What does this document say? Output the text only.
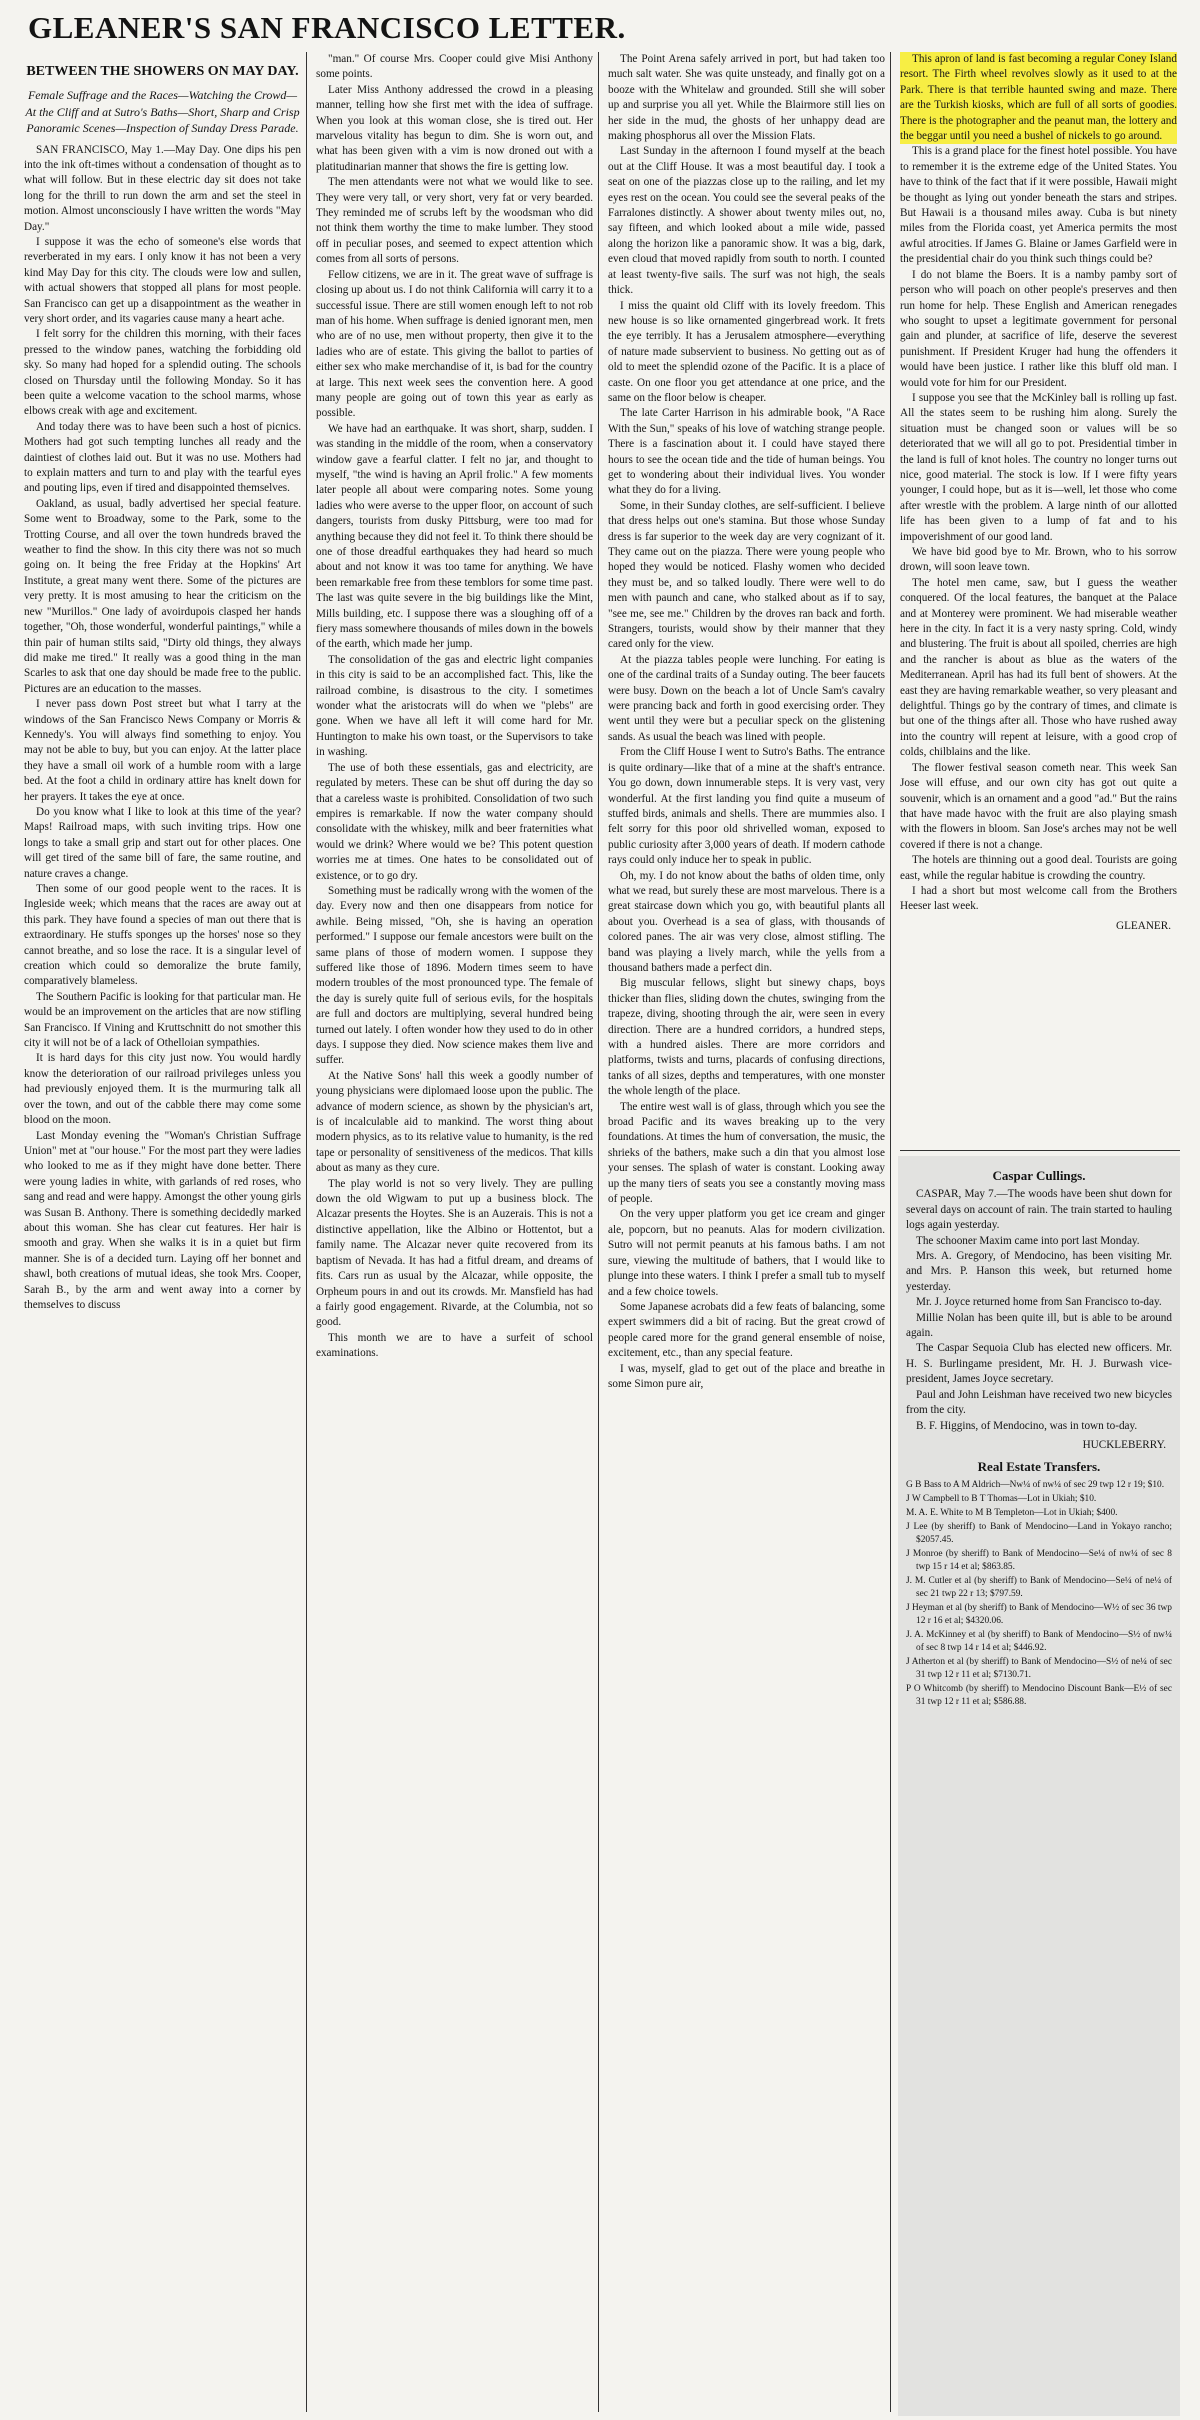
GLEANER'S SAN FRANCISCO LETTER.
BETWEEN THE SHOWERS ON MAY DAY.
Female Suffrage and the Races—Watching the Crowd—At the Cliff and at Sutro's Baths—Short, Sharp and Crisp Panoramic Scenes—Inspection of Sunday Dress Parade.

SAN FRANCISCO, May 1.—May Day. One dips his pen into the ink oft-times without a condensation of thought as to what will follow. But in these electric day sit does not take long for the thrill to run down the arm and set the steel in motion. Almost unconsciously I have written the words "May Day."

I suppose it was the echo of someone's else words that reverberated in my ears. I only know it has not been a very kind May Day for this city. The clouds were low and sullen, with actual showers that stopped all plans for most people. San Francisco can get up a disappointment as the weather in very short order, and its vagaries cause many a heart ache.

I felt sorry for the children this morning, with their faces pressed to the window panes, watching the forbidding old sky. So many had hoped for a splendid outing. The schools closed on Thursday until the following Monday. So it has been quite a welcome vacation to the school marms, whose elbows creak with age and excitement.

And today there was to have been such a host of picnics. Mothers had got such tempting lunches all ready and the daintiest of clothes laid out. But it was no use. Mothers had to explain matters and turn to and play with the tearful eyes and pouting lips, even if tired and disappointed themselves.

Oakland, as usual, badly advertised her special feature. Some went to Broadway, some to the Park, some to the Trotting Course, and all over the town hundreds braved the weather to find the show. In this city there was not so much going on. It being the free Friday at the Hopkins' Art Institute, a great many went there. Some of the pictures are very pretty. It is most amusing to hear the criticism on the new "Murillos." One lady of avoirdupois clasped her hands together, "Oh, those wonderful, wonderful paintings," while a thin pair of human stilts said, "Dirty old things, they always did make me tired." It really was a good thing in the man Scarles to ask that one day should be made free to the public. Pictures are an education to the masses.

I never pass down Post street but what I tarry at the windows of the San Francisco News Company or Morris & Kennedy's. You will always find something to enjoy. You may not be able to buy, but you can enjoy. At the latter place they have a small oil work of a humble room with a large bed. At the foot a child in ordinary attire has knelt down for her prayers. It takes the eye at once.

Do you know what I like to look at this time of the year? Maps! Railroad maps, with such inviting trips. How one longs to take a small grip and start out for other places. One will get tired of the same bill of fare, the same routine, and nature craves a change.

Then some of our good people went to the races. It is Ingleside week; which means that the races are away out at this park. They have found a species of man out there that is extraordinary. He stuffs sponges up the horses' nose so they cannot breathe, and so lose the race. It is a singular level of creation which could so demoralize the brute family, comparatively blameless.

The Southern Pacific is looking for that particular man. He would be an improvement on the articles that are now stifling San Francisco. If Vining and Kruttschnitt do not smother this city it will not be of a lack of Othelloian sympathies.

It is hard days for this city just now. You would hardly know the deterioration of our railroad privileges unless you had previously enjoyed them. It is the murmuring talk all over the town, and out of the cabble there may come some blood on the moon.

Last Monday evening the "Woman's Christian Suffrage Union" met at "our house." For the most part they were ladies who looked to me as if they might have done better. There were young ladies in white, with garlands of red roses, who sang and read and were happy. Amongst the other young girls was Susan B. Anthony. There is something decidedly marked about this woman. She has clear cut features. Her hair is smooth and gray. When she walks it is in a quiet but firm manner. She is of a decided turn. Laying off her bonnet and shawl, both creations of mutual ideas, she took Mrs. Cooper, Sarah B., by the arm and went away into a corner by themselves to discuss

"man." Of course Mrs. Cooper could give Misi Anthony some points.

Later Miss Anthony addressed the crowd in a pleasing manner, telling how she first met with the idea of suffrage. When you look at this woman close, she is tired out. Her marvelous vitality has begun to dim. She is worn out, and what has been given with a vim is now droned out with a platitudinarian manner that shows the fire is getting low.

The men attendants were not what we would like to see. They were very tall, or very short, very fat or very bearded. They reminded me of scrubs left by the woodsman who did not think them worthy the time to make lumber. They stood off in peculiar poses, and seemed to expect attention which comes from all sorts of persons.

Fellow citizens, we are in it. The great wave of suffrage is closing up about us. I do not think California will carry it to a successful issue. There are still women enough left to not rob man of his home. When suffrage is denied ignorant men, men who are of no use, men without property, then give it to the ladies who are of estate. This giving the ballot to parties of either sex who make merchandise of it, is bad for the country at large. This next week sees the convention here. A good many people are going out of town this year as early as possible.

We have had an earthquake. It was short, sharp, sudden. I was standing in the middle of the room, when a conservatory window gave a fearful clatter. I felt no jar, and thought to myself, "the wind is having an April frolic." A few moments later people all about were comparing notes. Some young ladies who were averse to the upper floor, on account of such dangers, tourists from dusky Pittsburg, were too mad for anything because they did not feel it. To think there should be one of those dreadful earthquakes they had heard so much about and not know it was too tame for anything. We have been remarkable free from these temblors for some time past. The last was quite severe in the big buildings like the Mint, Mills building, etc. I suppose there was a sloughing off of a fiery mass somewhere thousands of miles down in the bowels of the earth, which made her jump.

The consolidation of the gas and electric light companies in this city is said to be an accomplished fact. This, like the railroad combine, is disastrous to the city. I sometimes wonder what the aristocrats will do when we "plebs" are gone. When we have all left it will come hard for Mr. Huntington to make his own toast, or the Supervisors to take in washing.

The use of both these essentials, gas and electricity, are regulated by meters. These can be shut off during the day so that a careless waste is prohibited. Consolidation of two such empires is remarkable. If now the water company should consolidate with the whiskey, milk and beer fraternities what would we drink? Where would we be? This potent question worries me at times. One hates to be consolidated out of existence, or to go dry.

Something must be radically wrong with the women of the day. Every now and then one disappears from notice for awhile. Being missed, "Oh, she is having an operation performed." I suppose our female ancestors were built on the same plans of those of modern women. I suppose they suffered like those of 1896. Modern times seem to have modern troubles of the most pronounced type. The female of the day is surely quite full of serious evils, for the hospitals are full and doctors are multiplying, several hundred being turned out lately. I often wonder how they used to do in other days. I suppose they died. Now science makes them live and suffer.

At the Native Sons' hall this week a goodly number of young physicians were diplomaed loose upon the public. The advance of modern science, as shown by the physician's art, is of incalculable aid to mankind. The worst thing about modern physics, as to its relative value to humanity, is the red tape or personality of sensitiveness of the medicos. That kills about as many as they cure.

The play world is not so very lively. They are pulling down the old Wigwam to put up a business block. The Alcazar presents the Hoytes. She is an Auzerais. This is not a distinctive appellation, like the Albino or Hottentot, but a family name. The Alcazar never quite recovered from its baptism of Nevada. It has had a fitful dream, and dreams of fits. Cars run as usual by the Alcazar, while opposite, the Orpheum pours in and out its crowds. Mr. Mansfield has had a fairly good engagement. Rivarde, at the Columbia, not so good.

This month we are to have a surfeit of school examinations.

The Point Arena safely arrived in port, but had taken too much salt water. She was quite unsteady, and finally got on a booze with the Whitelaw and grounded. Still she will sober up and surprise you all yet. While the Blairmore still lies on her side in the mud, the ghosts of her unhappy dead are making phosphorus all over the Mission Flats.

Last Sunday in the afternoon I found myself at the beach out at the Cliff House. It was a most beautiful day. I took a seat on one of the piazzas close up to the railing, and let my eyes rest on the ocean. You could see the several peaks of the Farralones distinctly. A shower about twenty miles out, no, say fifteen, and which looked about a mile wide, passed along the horizon like a panoramic show. It was a big, dark, even cloud that moved rapidly from south to north. I counted at least twenty-five sails. The surf was not high, the seals thick.

I miss the quaint old Cliff with its lovely freedom. This new house is so like ornamented gingerbread work. It frets the eye terribly. It has a Jerusalem atmosphere—everything of nature made subservient to business. No getting out as of old to meet the splendid ozone of the Pacific. It is a place of caste. On one floor you get attendance at one price, and the same on the floor below is cheaper.

The late Carter Harrison in his admirable book, "A Race With the Sun," speaks of his love of watching strange people. There is a fascination about it. I could have stayed there hours to see the ocean tide and the tide of human beings. You get to wondering about their individual lives. You wonder what they do for a living.

Some, in their Sunday clothes, are self-sufficient. I believe that dress helps out one's stamina. But those whose Sunday dress is far superior to the week day are very cognizant of it. They came out on the piazza. There were young people who hoped they would be noticed. Flashy women who decided they must be, and so talked loudly. There were well to do men with paunch and cane, who stalked about as if to say, "see me, see me." Children by the droves ran back and forth. Strangers, tourists, would show by their manner that they cared only for the view.

At the piazza tables people were lunching. For eating is one of the cardinal traits of a Sunday outing. The beer faucets were busy. Down on the beach a lot of Uncle Sam's cavalry were prancing back and forth in good exercising order. They went until they were but a peculiar speck on the glistening sands. As usual the beach was lined with people.

From the Cliff House I went to Sutro's Baths. The entrance is quite ordinary—like that of a mine at the shaft's entrance. You go down, down innumerable steps. It is very vast, very wonderful. At the first landing you find quite a museum of stuffed birds, animals and shells. There are mummies also. I felt sorry for this poor old shrivelled woman, exposed to public curiosity after 3,000 years of death. If modern cathode rays could only induce her to speak in public.

Oh, my. I do not know about the baths of olden time, only what we read, but surely these are most marvelous. There is a great staircase down which you go, with beautiful plants all about you. Overhead is a sea of glass, with thousands of colored panes. The air was very close, almost stifling. The band was playing a lively march, while the yells from a thousand bathers made a perfect din.

Big muscular fellows, slight but sinewy chaps, boys thicker than flies, sliding down the chutes, swinging from the trapeze, diving, shooting through the air, were seen in every direction. There are a hundred corridors, a hundred steps, with a hundred aisles. There are more corridors and platforms, twists and turns, placards of confusing directions, tanks of all sizes, depths and temperatures, with one monster the whole length of the place.

The entire west wall is of glass, through which you see the broad Pacific and its waves breaking up to the very foundations. At times the hum of conversation, the music, the shrieks of the bathers, make such a din that you almost lose your senses. The splash of water is constant. Looking away up the many tiers of seats you see a constantly moving mass of people.

On the very upper platform you get ice cream and ginger ale, popcorn, but no peanuts. Alas for modern civilization. Sutro will not permit peanuts at his famous baths. I am not sure, viewing the multitude of bathers, that I would like to plunge into these waters. I think I prefer a small tub to myself and a few choice towels.

Some Japanese acrobats did a few feats of balancing, some expert swimmers did a bit of racing. But the great crowd of people cared more for the grand general ensemble of noise, excitement, etc., than any special feature.

I was, myself, glad to get out of the place and breathe in some Simon pure air,

This apron of land is fast becoming a regular Coney Island resort. The Firth wheel revolves slowly as it used to at the Park. There is that terrible haunted swing and maze. There are the Turkish kiosks, which are full of all sorts of goodies. There is the photographer and the peanut man, the lottery and the beggar until you need a bushel of nickels to go around.

This is a grand place for the finest hotel possible. You have to remember it is the extreme edge of the United States. You have to think of the fact that if it were possible, Hawaii might be thought as lying out yonder beneath the stars and stripes. But Hawaii is a thousand miles away. Cuba is but ninety miles from the Florida coast, yet America permits the most awful atrocities. If James G. Blaine or James Garfield were in the presidential chair do you think such things could be?

I do not blame the Boers. It is a namby pamby sort of person who will poach on other people's preserves and then run home for help. These English and American renegades who sought to upset a legitimate government for personal gain and plunder, at sacrifice of life, deserve the severest punishment. If President Kruger had hung the offenders it would have been justice. I rather like this bluff old man. I would vote for him for our President.

I suppose you see that the McKinley ball is rolling up fast. All the states seem to be rushing him along. Surely the situation must be changed soon or values will be so deteriorated that we will all go to pot. Presidential timber in the land is full of knot holes. The country no longer turns out nice, good material. The stock is low. If I were fifty years younger, I could hope, but as it is—well, let those who come after wrestle with the problem. A large ninth of our allotted life has been given to a lump of fat and to his impoverishment of our good land.

We have bid good bye to Mr. Brown, who to his sorrow drown, will soon leave town.

The hotel men came, saw, but I guess the weather conquered. Of the local features, the banquet at the Palace and at Monterey were prominent. We had miserable weather here in the city. In fact it is a very nasty spring. Cold, windy and blustering. The fruit is about all spoiled, cherries are high and the rancher is about as blue as the waters of the Mediterranean. April has had its full bent of showers. At the east they are having remarkable weather, so very pleasant and delightful. Things go by the contrary of times, and climate is but one of the things after all. Those who have rushed away into the country will repent at leisure, with a good crop of colds, chilblains and the like.

The flower festival season cometh near. This week San Jose will effuse, and our own city has got out quite a souvenir, which is an ornament and a good "ad." But the rains that have made havoc with the fruit are also playing smash with the flowers in bloom. San Jose's arches may not be well covered if there is not a change.

The hotels are thinning out a good deal. Tourists are going east, while the regular habitue is crowding the country.

I had a short but most welcome call from the Brothers Heeser last week.

GLEANER.
Caspar Cullings.

CASPAR, May 7.—The woods have been shut down for several days on account of rain. The train started to hauling logs again yesterday.

The schooner Maxim came into port last Monday.

Mrs. A. Gregory, of Mendocino, has been visiting Mr. and Mrs. P. Hanson this week, but returned home yesterday.

Mr. J. Joyce returned home from San Francisco to-day.

Millie Nolan has been quite ill, but is able to be around again.

The Caspar Sequoia Club has elected new officers. Mr. H. S. Burlingame president, Mr. H. J. Burwash vice-president, James Joyce secretary.

Paul and John Leishman have received two new bicycles from the city.

B. F. Higgins, of Mendocino, was in town to-day.

HUCKLEBERRY.
Real Estate Transfers.

G B Bass to A M Aldrich—Nw¼ of nw¼ of sec 29 twp 12 r 19; $10.

J W Campbell to B T Thomas—Lot in Ukiah; $10.

M. A. E. White to M B Templeton—Lot in Ukiah; $400.

J Lee (by sheriff) to Bank of Mendocino—Land in Yokayo rancho; $2057.45.

J Monroe (by sheriff) to Bank of Mendocino—Se¼ of nw¼ of sec 8 twp 15 r 14 et al; $863.85.

J. M. Cutler et al (by sheriff) to Bank of Mendocino—Se¼ of ne¼ of sec 21 twp 22 r 13; $797.59.

J Heyman et al (by sheriff) to Bank of Mendocino—W½ of sec 36 twp 12 r 16 et al; $4320.06.

J. A. McKinney et al (by sheriff) to Bank of Mendocino—S½ of nw¼ of sec 8 twp 14 r 14 et al; $446.92.

J Atherton et al (by sheriff) to Bank of Mendocino—S½ of ne¼ of sec 31 twp 12 r 11 et al; $7130.71.

P O Whitcomb (by sheriff) to Mendocino Discount Bank—E½ of sec 31 twp 12 r 11 et al; $586.88.
